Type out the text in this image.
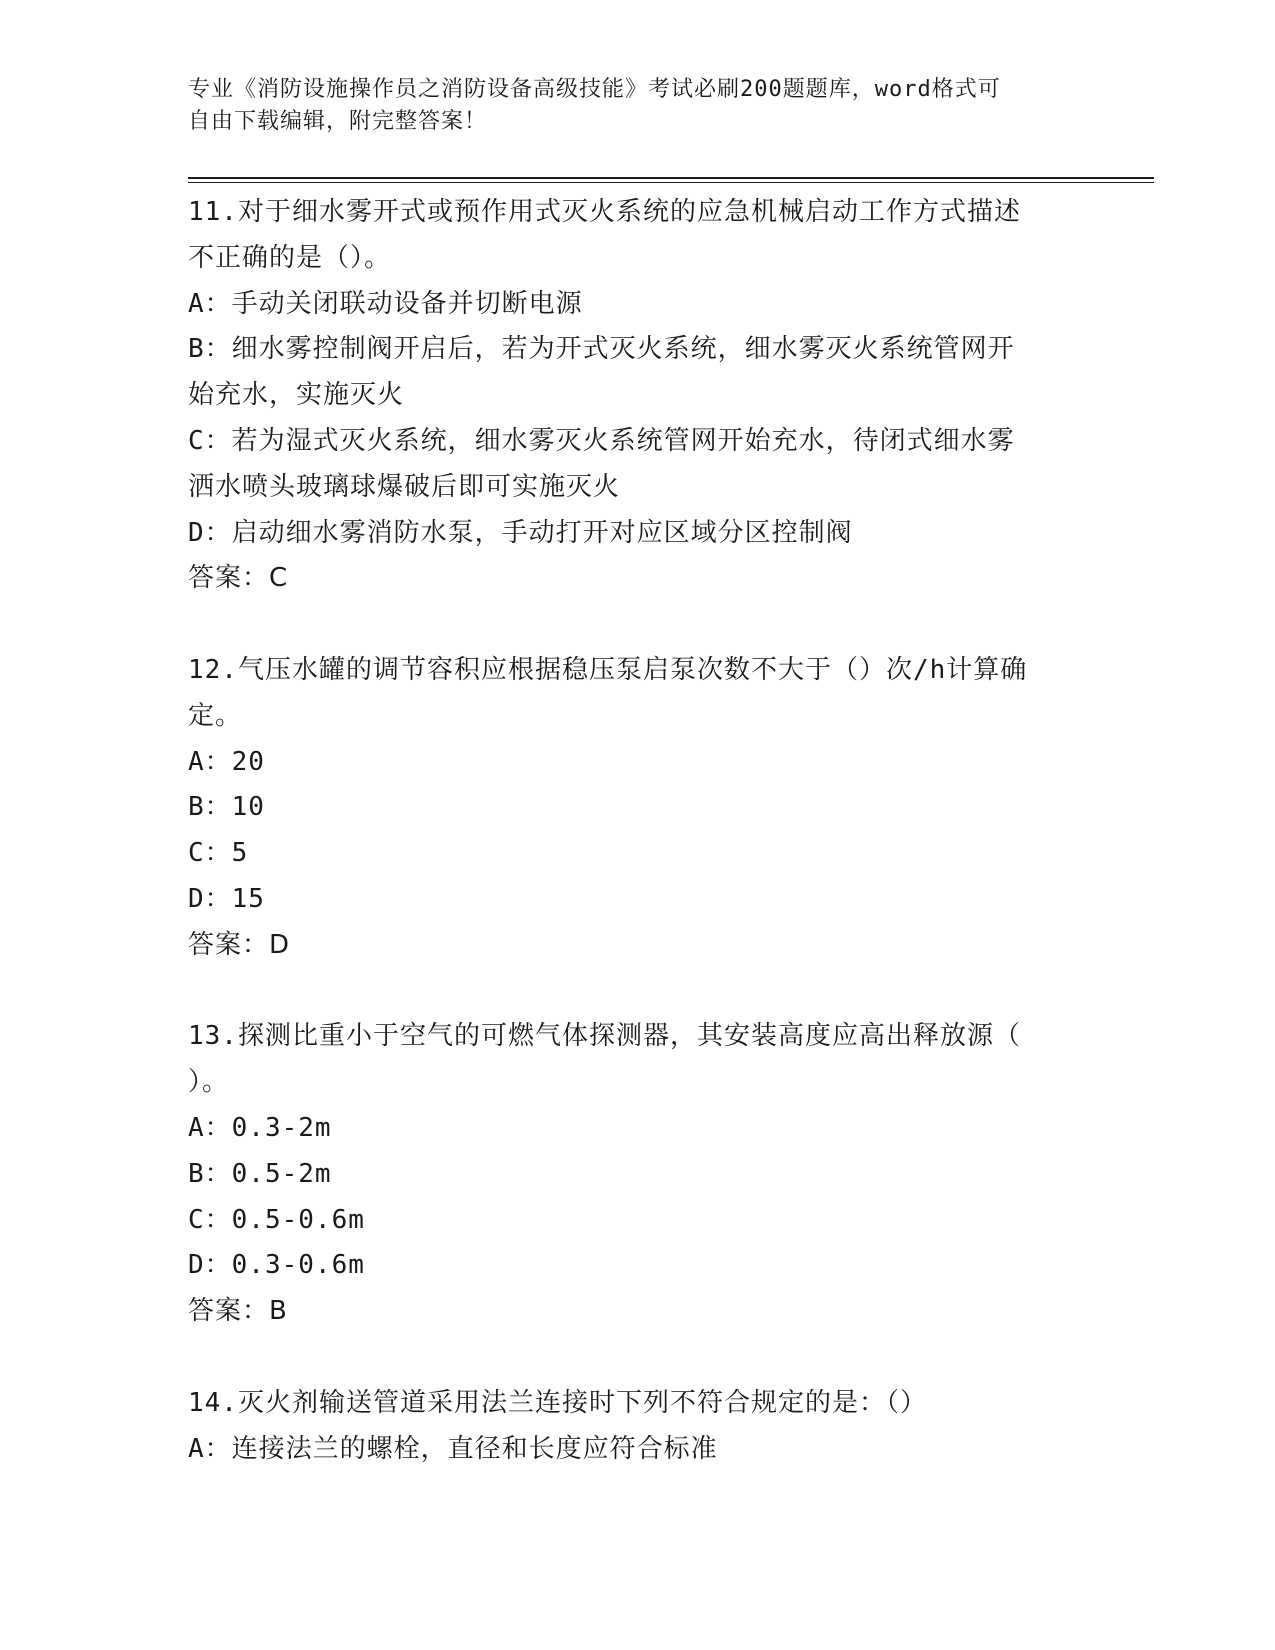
专业《消防设施操作员之消防设备高级技能》考试必刷200题题库，word格式可
自由下载编辑，附完整答案！
11.对于细水雾开式或预作用式灭火系统的应急机械启动工作方式描述
不正确的是（）。
A：手动关闭联动设备并切断电源
B：细水雾控制阀开启后，若为开式灭火系统，细水雾灭火系统管网开
始充水，实施灭火
C：若为湿式灭火系统，细水雾灭火系统管网开始充水，待闭式细水雾
洒水喷头玻璃球爆破后即可实施灭火
D：启动细水雾消防水泵，手动打开对应区域分区控制阀
答案：C
12.气压水罐的调节容积应根据稳压泵启泵次数不大于（）次/h计算确
定。
A：20
B：10
C：5
D：15
答案：D
13.探测比重小于空气的可燃气体探测器，其安装高度应高出释放源（
）。
A：0.3-2m
B：0.5-2m
C：0.5-0.6m
D：0.3-0.6m
答案：B
14.灭火剂输送管道采用法兰连接时下列不符合规定的是：（）
A：连接法兰的螺栓，直径和长度应符合标准
